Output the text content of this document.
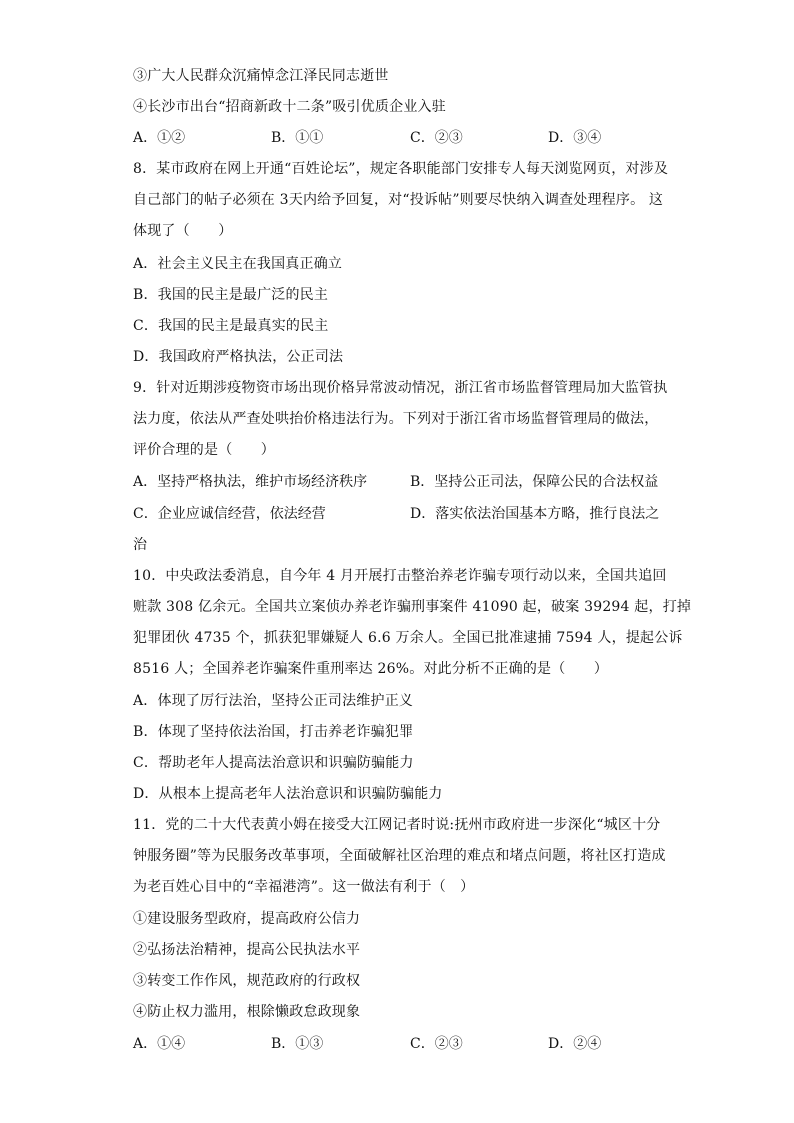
③广大人民群众沉痛悼念江泽民同志逝世
④长沙市出台“招商新政十二条”吸引优质企业入驻
A．①②	B．①①	C．②③	D．③④
8．某市政府在网上开通“百姓论坛”，规定各职能部门安排专人每天浏览网页，对涉及
自己部门的帖子必须在 3天内给予回复，对“投诉帖”则要尽快纳入调查处理程序。 这
体现了（　　）
A．社会主义民主在我国真正确立
B．我国的民主是最广泛的民主
C．我国的民主是最真实的民主
D．我国政府严格执法，公正司法
9．针对近期涉疫物资市场出现价格异常波动情况，浙江省市场监督管理局加大监管执
法力度，依法从严查处哄抬价格违法行为。下列对于浙江省市场监督管理局的做法，
评价合理的是（　　）
A．坚持严格执法，维护市场经济秩序	B．坚持公正司法，保障公民的合法权益
C．企业应诚信经营，依法经营	D．落实依法治国基本方略，推行良法之
治
10．中央政法委消息，自今年 4 月开展打击整治养老诈骗专项行动以来，全国共追回
赃款 308 亿余元。全国共立案侦办养老诈骗刑事案件 41090 起，破案 39294 起，打掉
犯罪团伙 4735 个，抓获犯罪嫌疑人 6.6 万余人。全国已批准逮捕 7594 人，提起公诉
8516 人；全国养老诈骗案件重刑率达 26%。对此分析不正确的是（　　）
A．体现了厉行法治，坚持公正司法维护正义
B．体现了坚持依法治国，打击养老诈骗犯罪
C．帮助老年人提高法治意识和识骗防骗能力
D．从根本上提高老年人法治意识和识骗防骗能力
11．党的二十大代表黄小姆在接受大江网记者时说:抚州市政府进一步深化“城区十分
钟服务圈”等为民服务改革事项，全面破解社区治理的难点和堵点问题，将社区打造成
为老百姓心目中的“幸福港湾”。这一做法有利于（　）
①建设服务型政府，提高政府公信力
②弘扬法治精神，提高公民执法水平
③转变工作作风，规范政府的行政权
④防止权力滥用，根除懒政怠政现象
A．①④	B．①③	C．②③	D．②④
